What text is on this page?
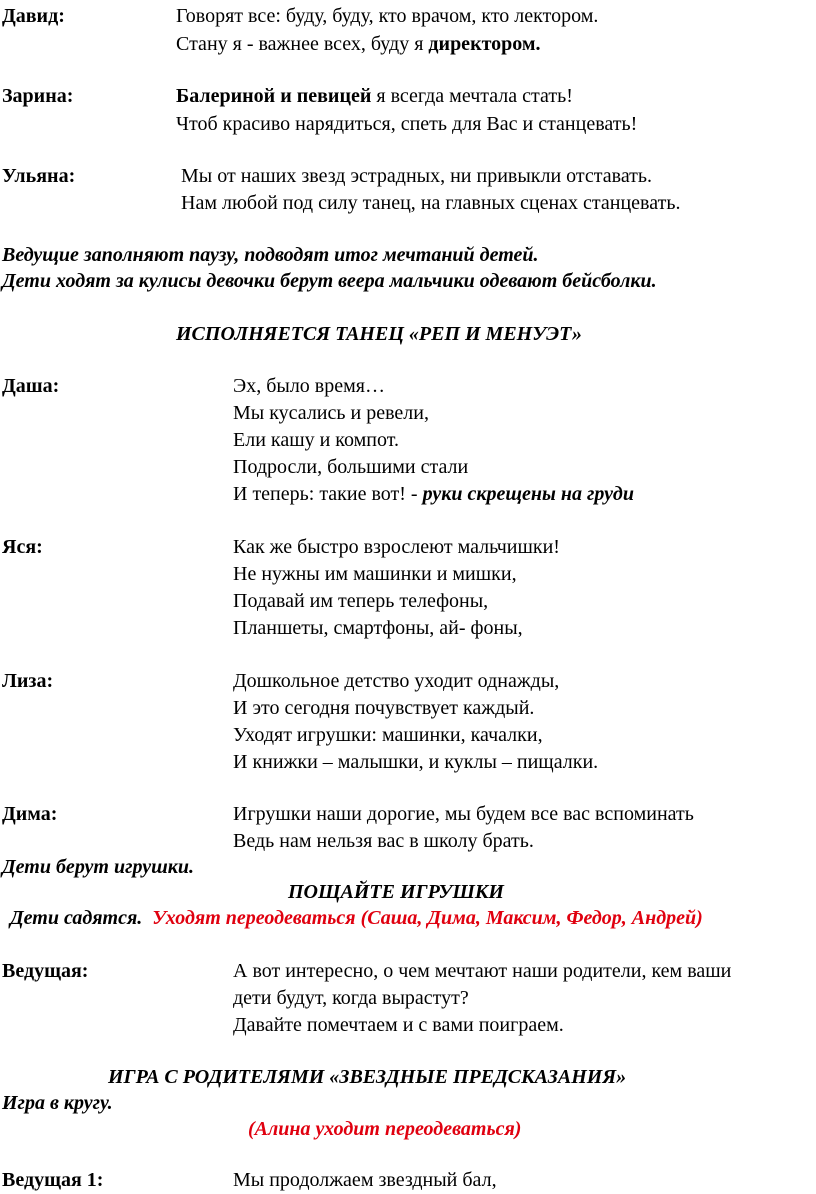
Давид:	Говорят все: буду, буду, кто врачом, кто лектором.
Стану я - важнее всех, буду я директором.
Зарина:	Балериной и певицей я всегда мечтала стать!
Чтоб красиво нарядиться, спеть для Вас и станцевать!
Ульяна:	Мы от наших звезд эстрадных, ни привыкли отставать.
Нам любой под силу танец, на главных сценах станцевать.
Ведущие заполняют паузу, подводят итог мечтаний детей.
Дети ходят за кулисы девочки берут веера мальчики одевают бейсболки.
ИСПОЛНЯЕТСЯ ТАНЕЦ «РЕП И МЕНУЭТ»
Даша:	Эх, было время…
Мы кусались и ревели,
Ели кашу и компот.
Подросли, большими стали
И теперь: такие вот! - руки скрещены на груди
Яся:	Как же быстро взрослеют мальчишки!
Не нужны им машинки и мишки,
Подавай им теперь телефоны,
Планшеты, смартфоны, ай- фоны,
Лиза:	Дошкольное детство уходит однажды,
И это сегодня почувствует каждый.
Уходят игрушки: машинки, качалки,
И книжки – малышки, и куклы – пищалки.
Дима:	Игрушки наши дорогие, мы будем все вас вспоминать
Ведь нам нельзя вас в школу брать.
Дети берут игрушки.
ПОЩАЙТЕ ИГРУШКИ
Дети садятся. Уходят переодеваться (Саша, Дима, Максим, Федор, Андрей)
Ведущая:	А вот интересно, о чем мечтают наши родители, кем ваши
дети будут, когда вырастут?
Давайте помечтаем и с вами поиграем.
ИГРА С РОДИТЕЛЯМИ «ЗВЕЗДНЫЕ ПРЕДСКАЗАНИЯ»
Игра в кругу.
(Алина уходит переодеваться)
Ведущая 1:	Мы продолжаем звездный бал,
